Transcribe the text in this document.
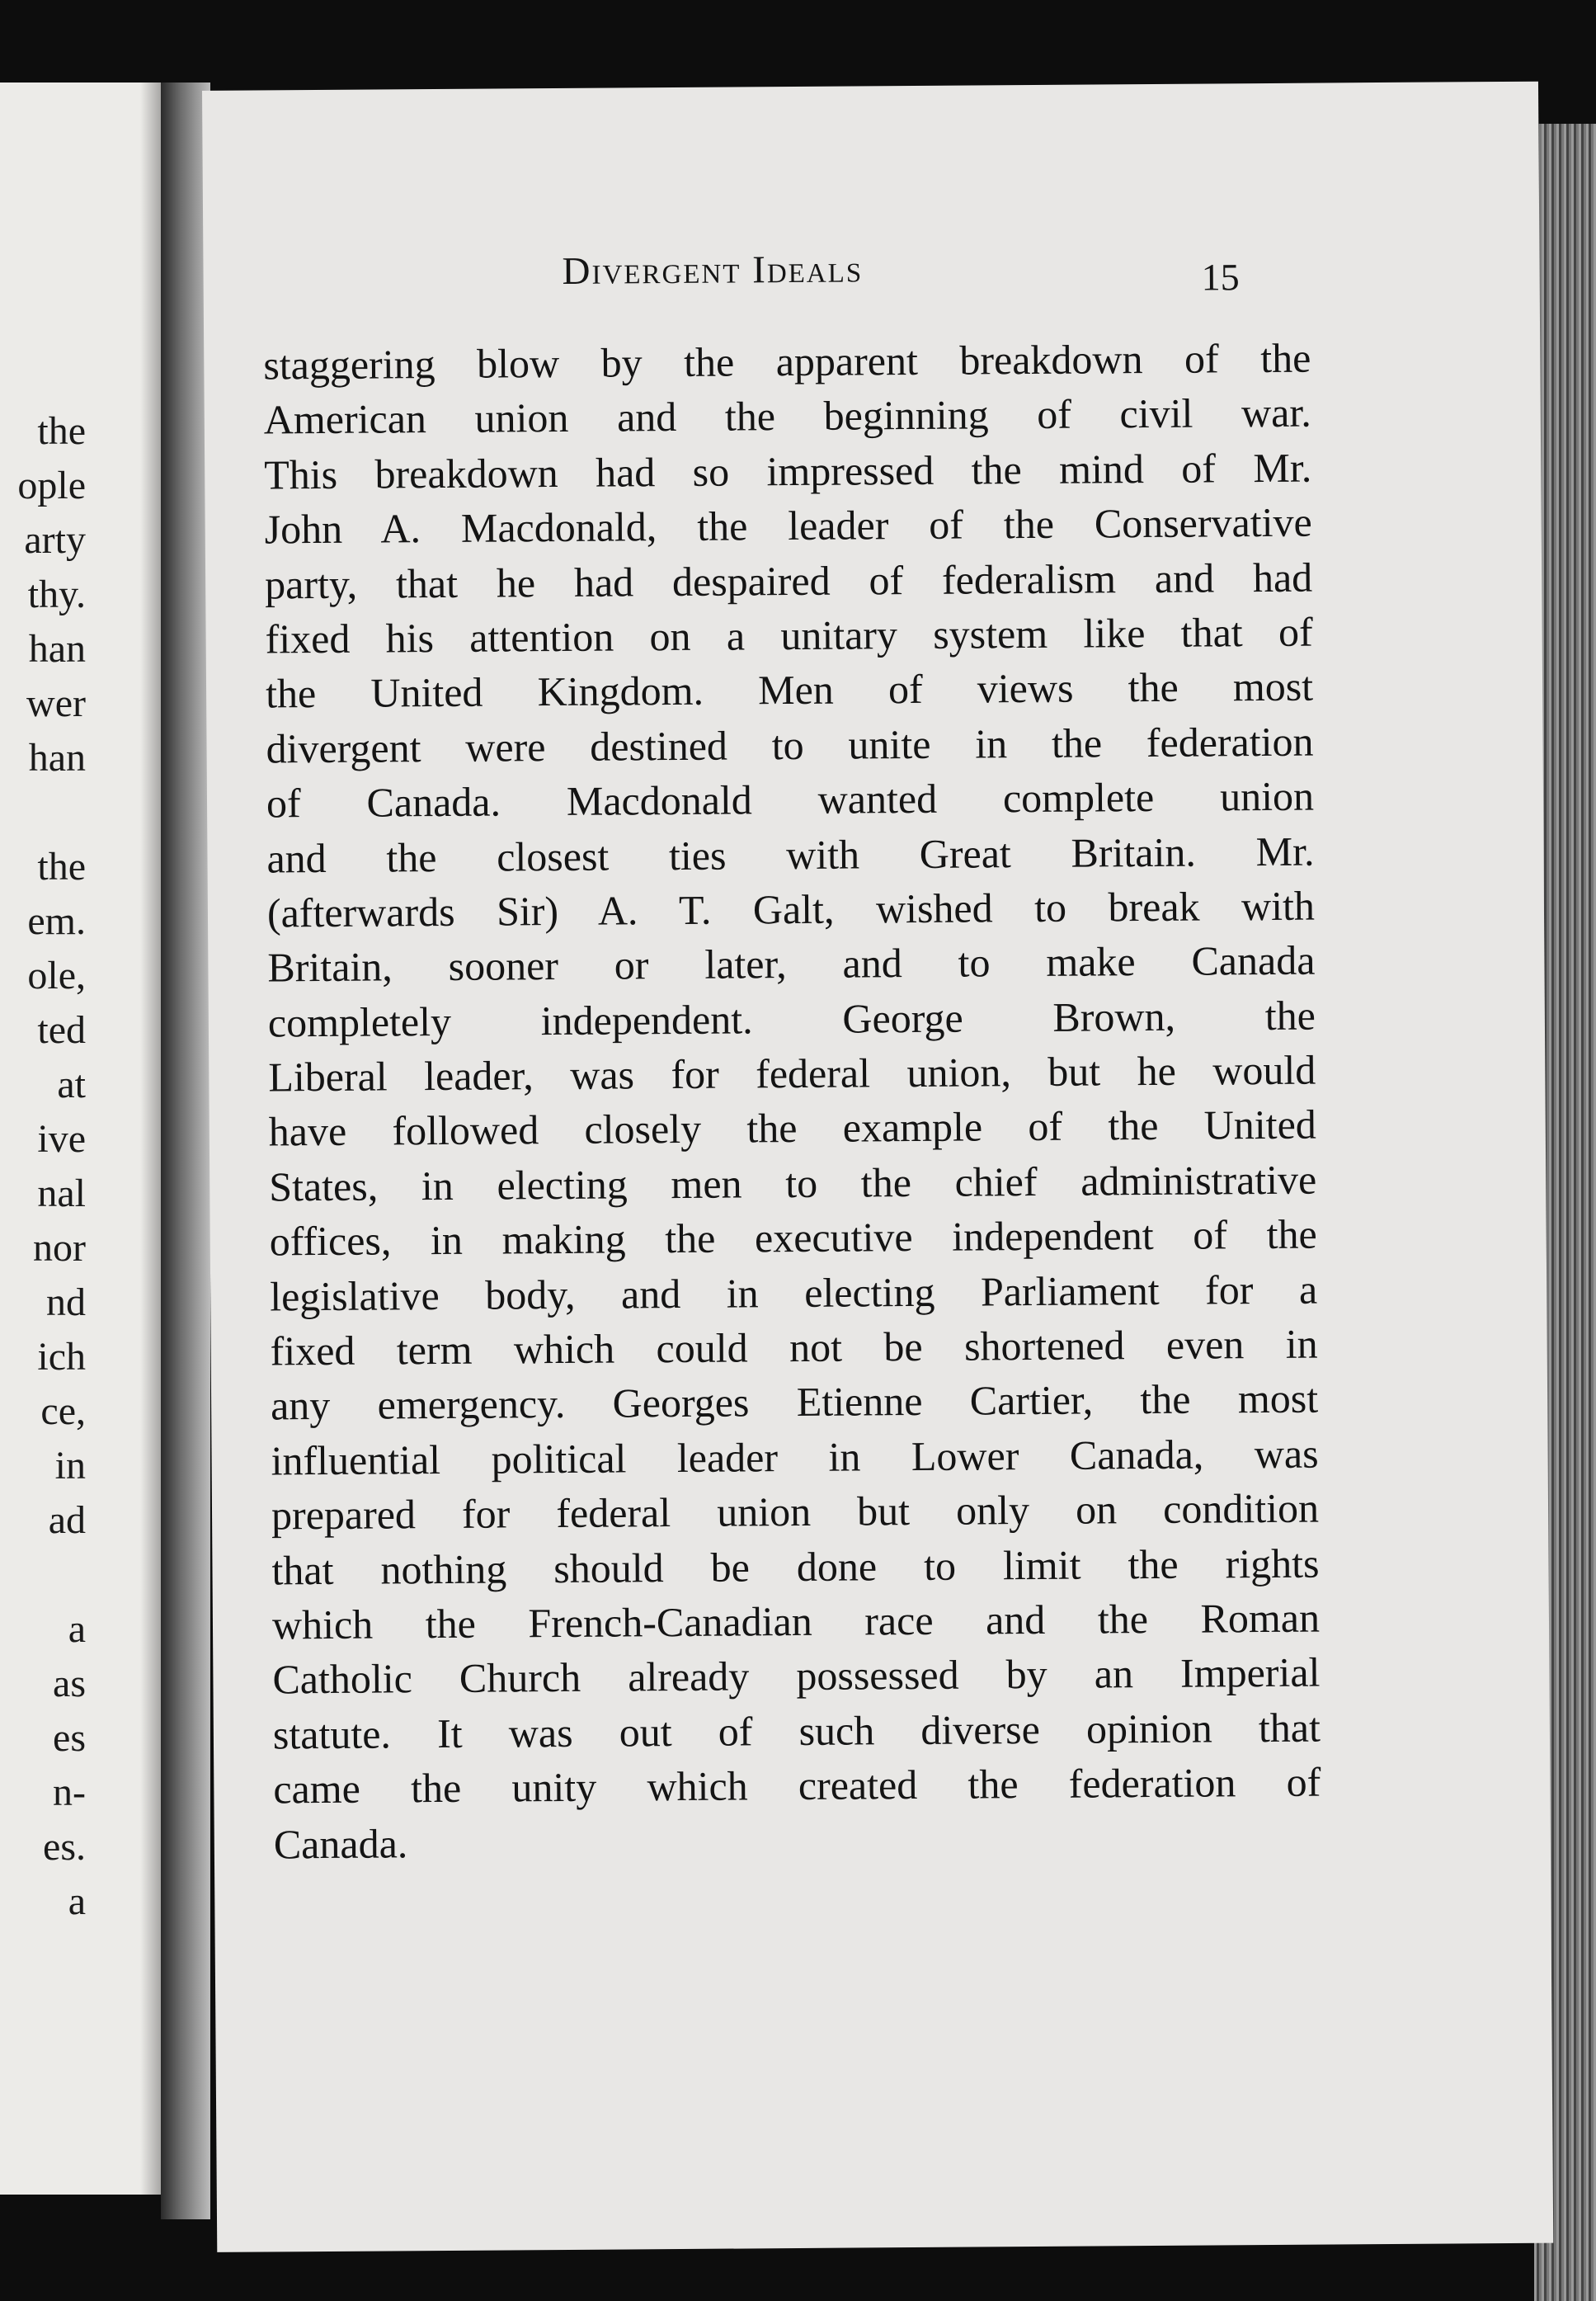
the
ople
arty
thy.
han
wer
han
the
em.
ole,
ted
at
ive
nal
nor
nd
ich
ce,
in
ad
a
as
es
n-
es.
a
Divergent Ideals	15
staggering blow by the apparent breakdown of the
American union and the beginning of civil war.
This breakdown had so impressed the mind of Mr.
John A. Macdonald, the leader of the Conservative
party, that he had despaired of federalism and had
fixed his attention on a unitary system like that of
the United Kingdom. Men of views the most
divergent were destined to unite in the federation
of Canada. Macdonald wanted complete union
and the closest ties with Great Britain. Mr.
(afterwards Sir) A. T. Galt, wished to break with
Britain, sooner or later, and to make Canada
completely independent. George Brown, the
Liberal leader, was for federal union, but he would
have followed closely the example of the United
States, in electing men to the chief administrative
offices, in making the executive independent of the
legislative body, and in electing Parliament for a
fixed term which could not be shortened even in
any emergency. Georges Etienne Cartier, the most
influential political leader in Lower Canada, was
prepared for federal union but only on condition
that nothing should be done to limit the rights
which the French-Canadian race and the Roman
Catholic Church already possessed by an Imperial
statute. It was out of such diverse opinion that
came the unity which created the federation of
Canada.
